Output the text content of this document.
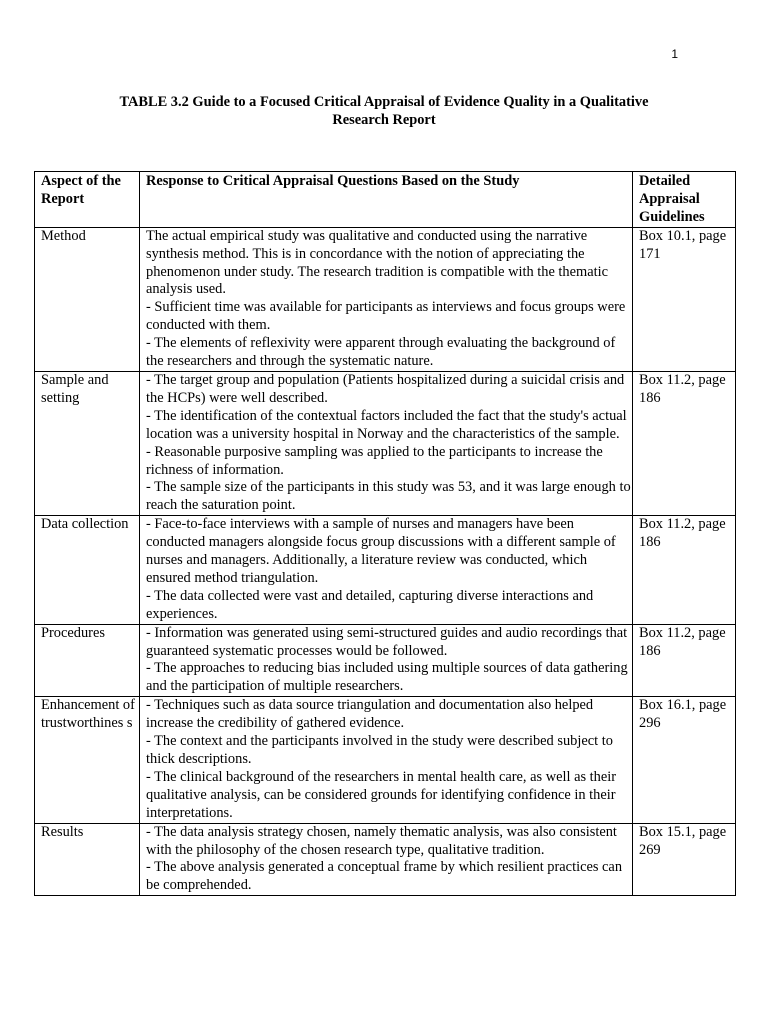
1
TABLE 3.2 Guide to a Focused Critical Appraisal of Evidence Quality in a Qualitative
Research Report
Aspect of the Report	Response to Critical Appraisal Questions Based on the Study	Detailed Appraisal Guidelines
Method	The actual empirical study was qualitative and conducted using the narrative synthesis method. This is in concordance with the notion of appreciating the phenomenon under study. The research tradition is compatible with the thematic analysis used.
- Sufficient time was available for participants as interviews and focus groups were conducted with them.
- The elements of reflexivity were apparent through evaluating the background of the researchers and through the systematic nature.	Box 10.1, page 171
Sample and setting	- The target group and population (Patients hospitalized during a suicidal crisis and the HCPs) were well described.
- The identification of the contextual factors included the fact that the study's actual location was a university hospital in Norway and the characteristics of the sample.
- Reasonable purposive sampling was applied to the participants to increase the richness of information.
- The sample size of the participants in this study was 53, and it was large enough to reach the saturation point.	Box 11.2, page 186
Data collection	- Face-to-face interviews with a sample of nurses and managers have been conducted managers alongside focus group discussions with a different sample of nurses and managers. Additionally, a literature review was conducted, which ensured method triangulation.
- The data collected were vast and detailed, capturing diverse interactions and experiences.	Box 11.2, page 186
Procedures	- Information was generated using semi-structured guides and audio recordings that guaranteed systematic processes would be followed.
- The approaches to reducing bias included using multiple sources of data gathering and the participation of multiple researchers.	Box 11.2, page 186
Enhancement of trustworthines s	- Techniques such as data source triangulation and documentation also helped increase the credibility of gathered evidence.
- The context and the participants involved in the study were described subject to thick descriptions.
- The clinical background of the researchers in mental health care, as well as their qualitative analysis, can be considered grounds for identifying confidence in their interpretations.	Box 16.1, page 296
Results	- The data analysis strategy chosen, namely thematic analysis, was also consistent with the philosophy of the chosen research type, qualitative tradition.
- The above analysis generated a conceptual frame by which resilient practices can be comprehended.	Box 15.1, page 269
